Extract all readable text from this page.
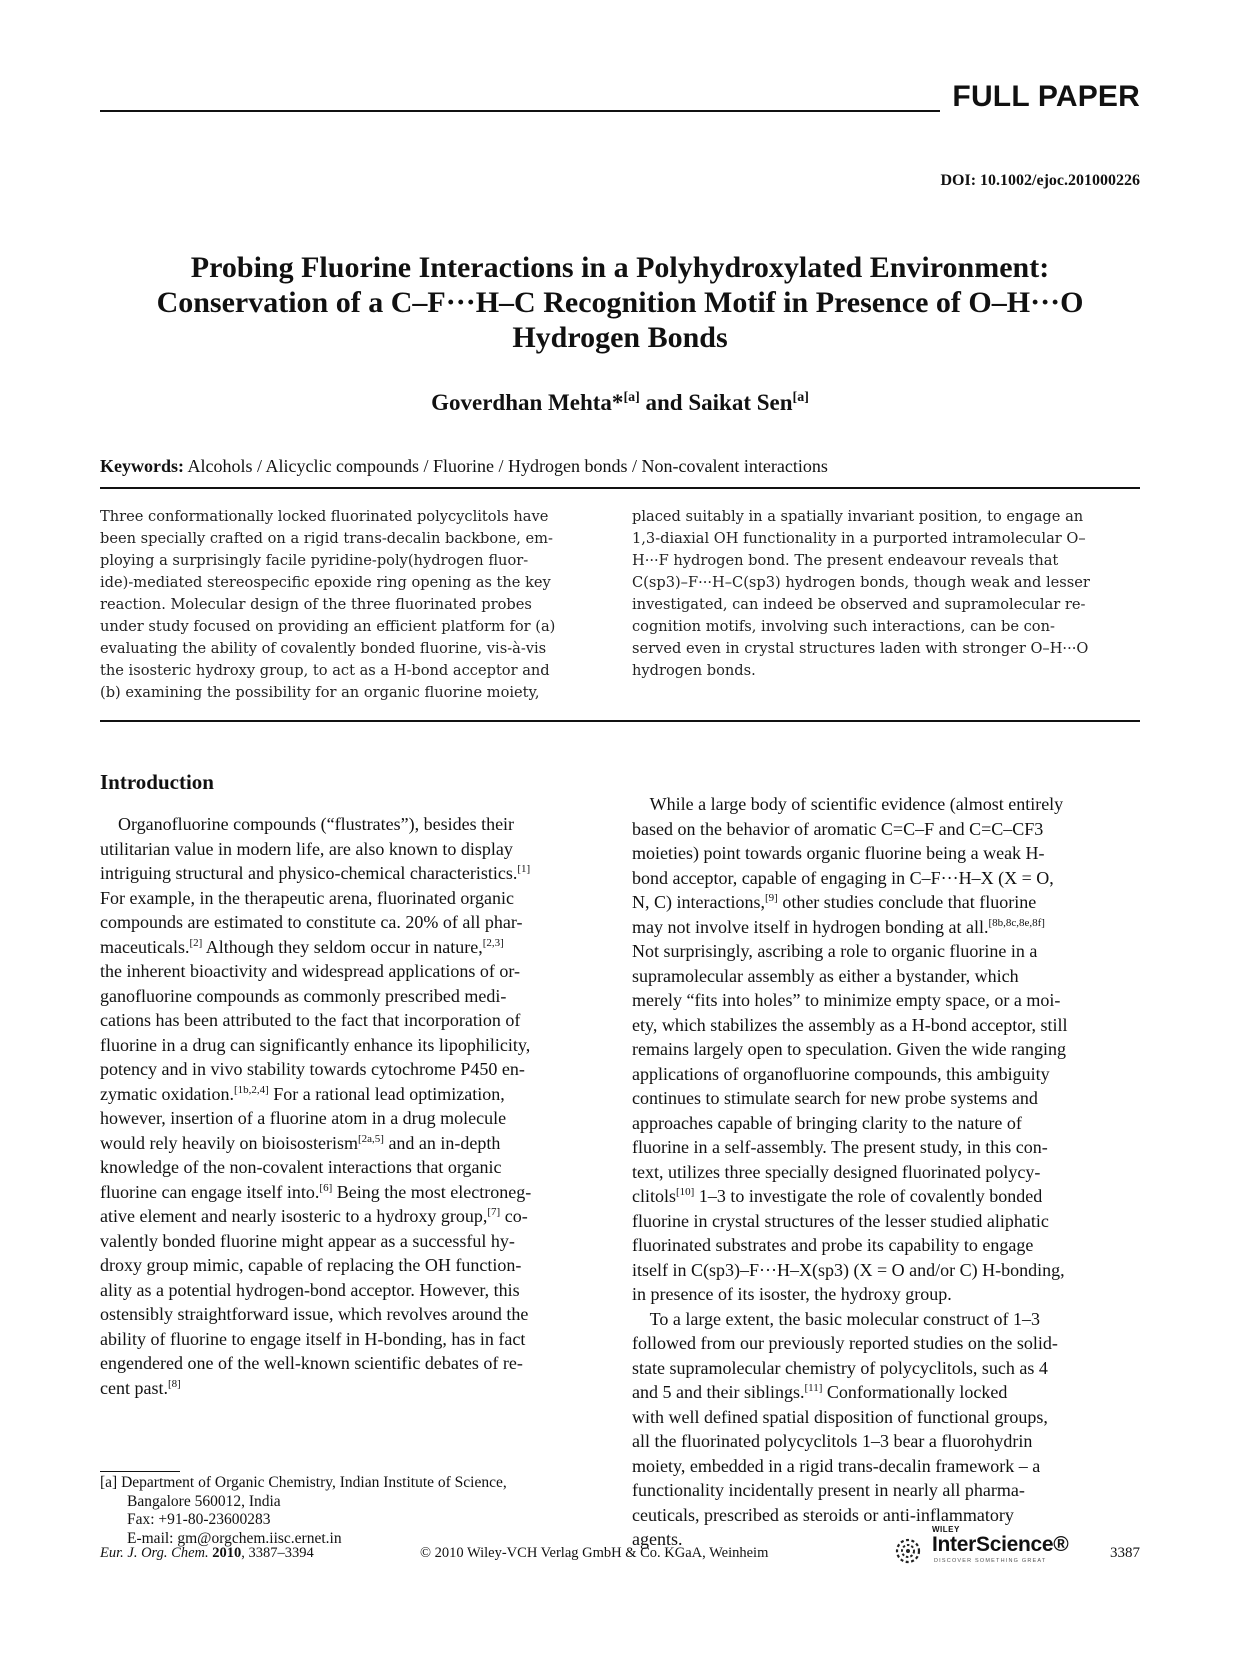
FULL PAPER
DOI: 10.1002/ejoc.201000226
Probing Fluorine Interactions in a Polyhydroxylated Environment:
Conservation of a C–F···H–C Recognition Motif in Presence of O–H···O
Hydrogen Bonds
Goverdhan Mehta*[a] and Saikat Sen[a]
Keywords: Alcohols / Alicyclic compounds / Fluorine / Hydrogen bonds / Non-covalent interactions
Three conformationally locked fluorinated polycyclitols have
been specially crafted on a rigid trans-decalin backbone, em-
ploying a surprisingly facile pyridine-poly(hydrogen fluor-
ide)-mediated stereospecific epoxide ring opening as the key
reaction. Molecular design of the three fluorinated probes
under study focused on providing an efficient platform for (a)
evaluating the ability of covalently bonded fluorine, vis-à-vis
the isosteric hydroxy group, to act as a H-bond acceptor and
(b) examining the possibility for an organic fluorine moiety,
placed suitably in a spatially invariant position, to engage an
1,3-diaxial OH functionality in a purported intramolecular O–
H···F hydrogen bond. The present endeavour reveals that
C(sp3)–F···H–C(sp3) hydrogen bonds, though weak and lesser
investigated, can indeed be observed and supramolecular re-
cognition motifs, involving such interactions, can be con-
served even in crystal structures laden with stronger O–H···O
hydrogen bonds.
Introduction
Organofluorine compounds (“flustrates”), besides their
utilitarian value in modern life, are also known to display
intriguing structural and physico-chemical characteristics.[1]
For example, in the therapeutic arena, fluorinated organic
compounds are estimated to constitute ca. 20% of all phar-
maceuticals.[2] Although they seldom occur in nature,[2,3]
the inherent bioactivity and widespread applications of or-
ganofluorine compounds as commonly prescribed medi-
cations has been attributed to the fact that incorporation of
fluorine in a drug can significantly enhance its lipophilicity,
potency and in vivo stability towards cytochrome P450 en-
zymatic oxidation.[1b,2,4] For a rational lead optimization,
however, insertion of a fluorine atom in a drug molecule
would rely heavily on bioisosterism[2a,5] and an in-depth
knowledge of the non-covalent interactions that organic
fluorine can engage itself into.[6] Being the most electroneg-
ative element and nearly isosteric to a hydroxy group,[7] co-
valently bonded fluorine might appear as a successful hy-
droxy group mimic, capable of replacing the OH function-
ality as a potential hydrogen-bond acceptor. However, this
ostensibly straightforward issue, which revolves around the
ability of fluorine to engage itself in H-bonding, has in fact
engendered one of the well-known scientific debates of re-
cent past.[8]
While a large body of scientific evidence (almost entirely
based on the behavior of aromatic C=C–F and C=C–CF3
moieties) point towards organic fluorine being a weak H-
bond acceptor, capable of engaging in C–F···H–X (X = O,
N, C) interactions,[9] other studies conclude that fluorine
may not involve itself in hydrogen bonding at all.[8b,8c,8e,8f]
Not surprisingly, ascribing a role to organic fluorine in a
supramolecular assembly as either a bystander, which
merely “fits into holes” to minimize empty space, or a moi-
ety, which stabilizes the assembly as a H-bond acceptor, still
remains largely open to speculation. Given the wide ranging
applications of organofluorine compounds, this ambiguity
continues to stimulate search for new probe systems and
approaches capable of bringing clarity to the nature of
fluorine in a self-assembly. The present study, in this con-
text, utilizes three specially designed fluorinated polycy-
clitols[10] 1–3 to investigate the role of covalently bonded
fluorine in crystal structures of the lesser studied aliphatic
fluorinated substrates and probe its capability to engage
itself in C(sp3)–F···H–X(sp3) (X = O and/or C) H-bonding,
in presence of its isoster, the hydroxy group.
To a large extent, the basic molecular construct of 1–3
followed from our previously reported studies on the solid-
state supramolecular chemistry of polycyclitols, such as 4
and 5 and their siblings.[11] Conformationally locked
with well defined spatial disposition of functional groups,
all the fluorinated polycyclitols 1–3 bear a fluorohydrin
moiety, embedded in a rigid trans-decalin framework – a
functionality incidentally present in nearly all pharma-
ceuticals, prescribed as steroids or anti-inflammatory
agents.
[a] Department of Organic Chemistry, Indian Institute of Science,
Bangalore 560012, India
Fax: +91-80-23600283
E-mail: gm@orgchem.iisc.ernet.in
Eur. J. Org. Chem. 2010, 3387–3394	© 2010 Wiley-VCH Verlag GmbH & Co. KGaA, Weinheim
WILEY
InterScience®
DISCOVER SOMETHING GREAT	3387
